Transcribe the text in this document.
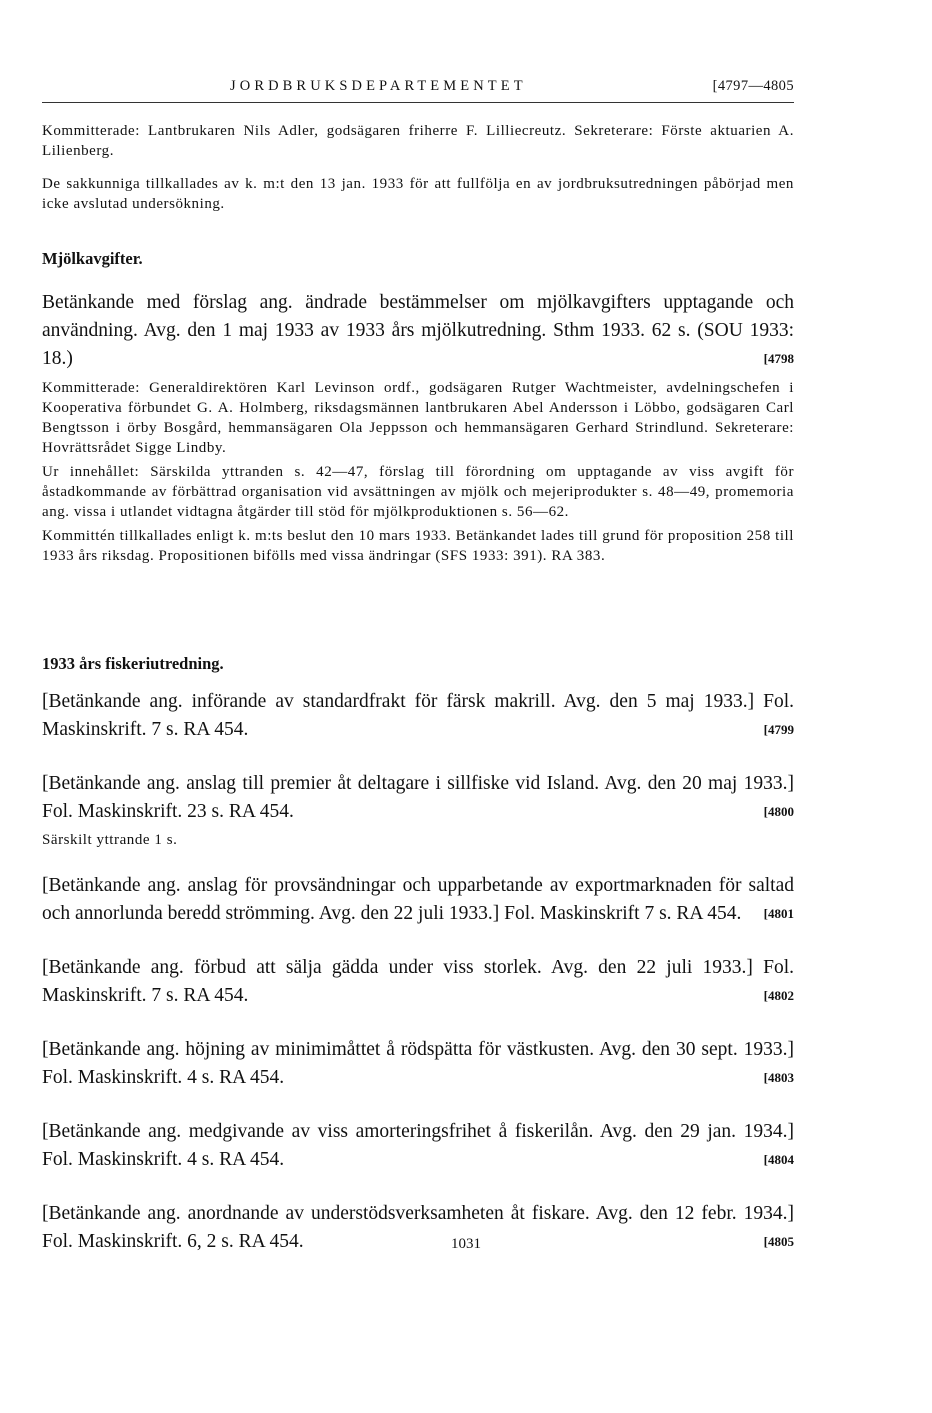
JORDBRUKSDEPARTEMENTET	[4797—4805

Kommitterade: Lantbrukaren Nils Adler, godsägaren friherre F. Lilliecreutz. Sekreterare: Förste aktuarien A. Lilienberg.

De sakkunniga tillkallades av k. m:t den 13 jan. 1933 för att fullfölja en av jordbruksutredningen påbörjad men icke avslutad undersökning.

Mjölkavgifter.
Betänkande med förslag ang. ändrade bestämmelser om mjölkavgifters upptagande och användning. Avg. den 1 maj 1933 av 1933 års mjölkutredning. Sthm 1933. 62 s. (SOU 1933: 18.)	[4798

Kommitterade: Generaldirektören Karl Levinson ordf., godsägaren Rutger Wachtmeister, avdelningschefen i Kooperativa förbundet G. A. Holmberg, riksdagsmännen lantbrukaren Abel Andersson i Löbbo, godsägaren Carl Bengtsson i örby Bosgård, hemmansägaren Ola Jeppsson och hemmansägaren Gerhard Strindlund. Sekreterare: Hovrättsrådet Sigge Lindby.

Ur innehållet: Särskilda yttranden s. 42—47, förslag till förordning om upptagande av viss avgift för åstadkommande av förbättrad organisation vid avsättningen av mjölk och mejeriprodukter s. 48—49, promemoria ang. vissa i utlandet vidtagna åtgärder till stöd för mjölkproduktionen s. 56—62.

Kommittén tillkallades enligt k. m:ts beslut den 10 mars 1933. Betänkandet lades till grund för proposition 258 till 1933 års riksdag. Propositionen bifölls med vissa ändringar (SFS 1933: 391). RA 383.

1933 års fiskeriutredning.
[Betänkande ang. införande av standardfrakt för färsk makrill. Avg. den 5 maj 1933.] Fol. Maskinskrift. 7 s. RA 454.	[4799
[Betänkande ang. anslag till premier åt deltagare i sillfiske vid Island. Avg. den 20 maj 1933.] Fol. Maskinskrift. 23 s. RA 454.	[4800
Särskilt yttrande 1 s.
[Betänkande ang. anslag för provsändningar och upparbetande av exportmarknaden för saltad och annorlunda beredd strömming. Avg. den 22 juli 1933.] Fol. Maskinskrift 7 s. RA 454. [4801
[Betänkande ang. förbud att sälja gädda under viss storlek. Avg. den 22 juli 1933.] Fol. Maskinskrift. 7 s. RA 454.	[4802
[Betänkande ang. höjning av minimimåttet å rödspätta för västkusten. Avg. den 30 sept. 1933.] Fol. Maskinskrift. 4 s. RA 454.	[4803
[Betänkande ang. medgivande av viss amorteringsfrihet å fiskerilån. Avg. den 29 jan. 1934.] Fol. Maskinskrift. 4 s. RA 454.	[4804
[Betänkande ang. anordnande av understödsverksamheten åt fiskare. Avg. den 12 febr. 1934.] Fol. Maskinskrift. 6, 2 s. RA 454.	[4805
1031
